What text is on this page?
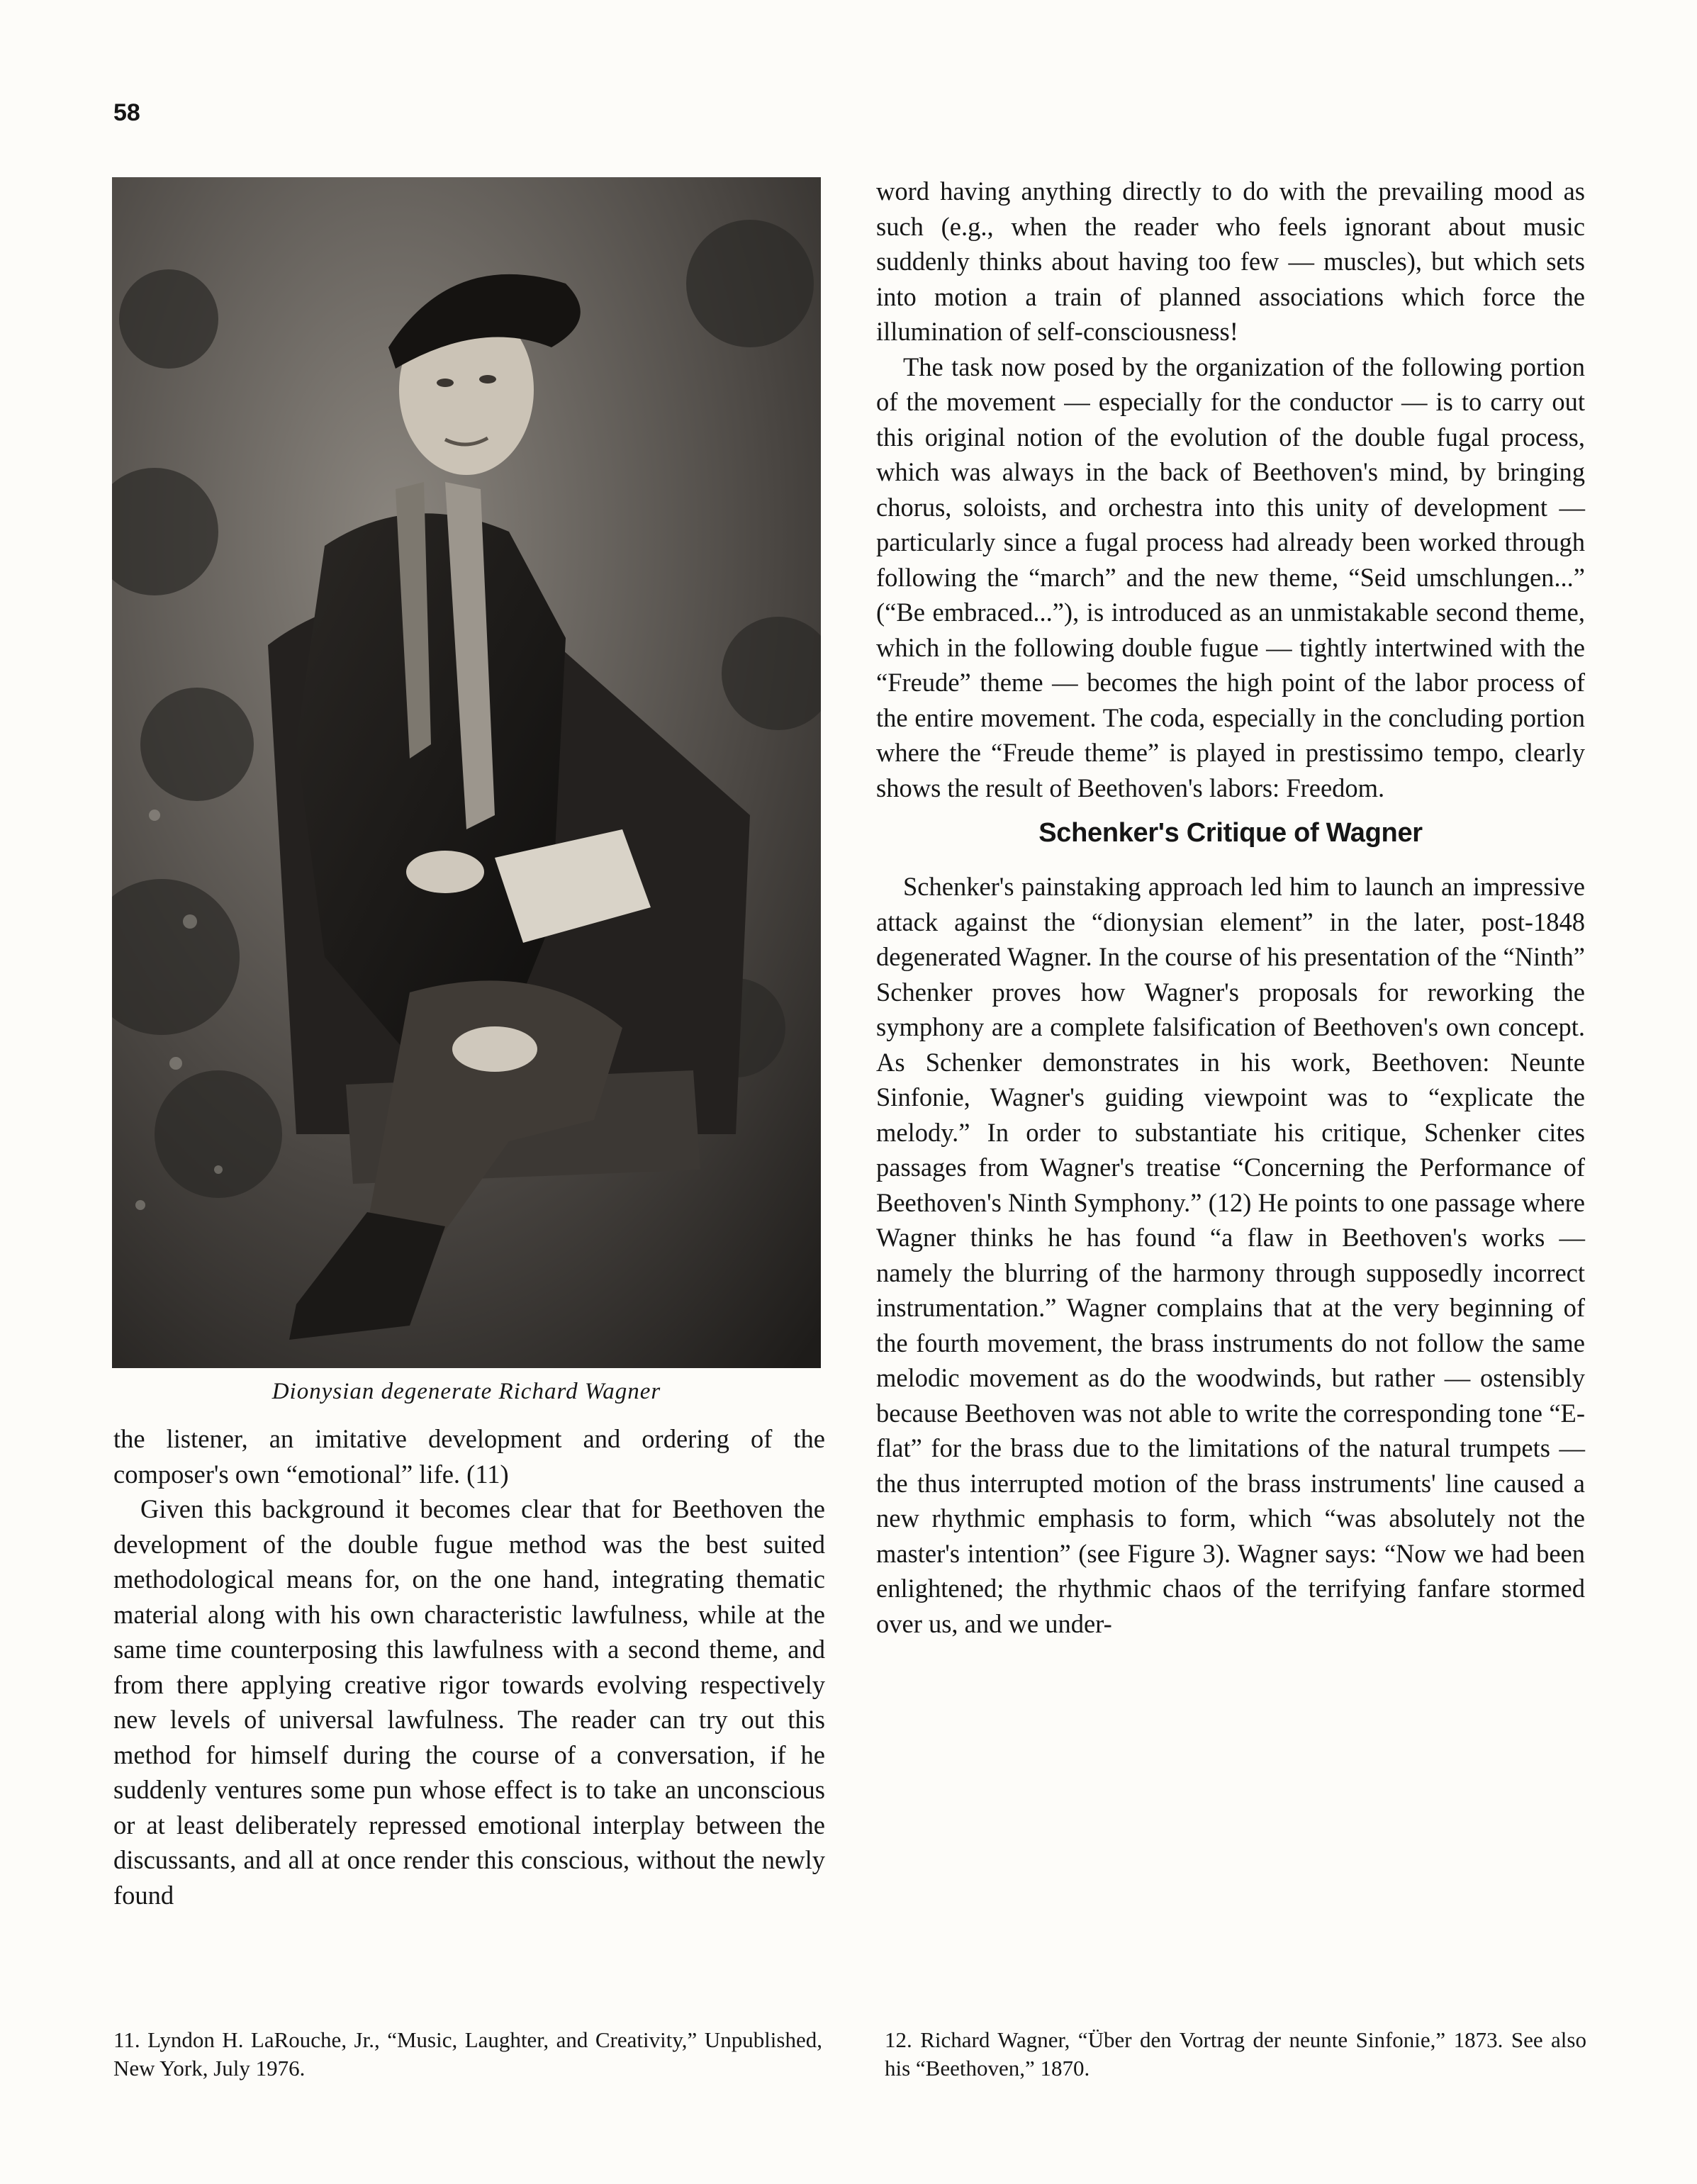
58
Dionysian degenerate Richard Wagner

the listener, an imitative development and ordering of the composer's own “emotional” life. (11)

Given this background it becomes clear that for Beethoven the development of the double fugue method was the best suited methodological means for, on the one hand, integrating thematic material along with his own characteristic lawfulness, while at the same time counterposing this lawfulness with a second theme, and from there applying creative rigor towards evolving respectively new levels of universal lawfulness. The reader can try out this method for himself during the course of a conversation, if he suddenly ventures some pun whose effect is to take an unconscious or at least deliberately repressed emotional interplay between the discussants, and all at once render this conscious, without the newly found

word having anything directly to do with the prevailing mood as such (e.g., when the reader who feels ignorant about music suddenly thinks about having too few — muscles), but which sets into motion a train of planned associations which force the illumination of self-consciousness!

The task now posed by the organization of the following portion of the movement — especially for the conductor — is to carry out this original notion of the evolution of the double fugal process, which was always in the back of Beethoven's mind, by bringing chorus, soloists, and orchestra into this unity of development — particularly since a fugal process had already been worked through following the “march” and the new theme, “Seid umschlungen...” (“Be embraced...”), is introduced as an unmistakable second theme, which in the following double fugue — tightly intertwined with the “Freude” theme — becomes the high point of the labor process of the entire movement. The coda, especially in the concluding portion where the “Freude theme” is played in prestissimo tempo, clearly shows the result of Beethoven's labors: Freedom.

Schenker's Critique of Wagner

Schenker's painstaking approach led him to launch an impressive attack against the “dionysian element” in the later, post-1848 degenerated Wagner. In the course of his presentation of the “Ninth” Schenker proves how Wagner's proposals for reworking the symphony are a complete falsification of Beethoven's own concept. As Schenker demonstrates in his work, Beethoven: Neunte Sinfonie, Wagner's guiding viewpoint was to “explicate the melody.” In order to substantiate his critique, Schenker cites passages from Wagner's treatise “Concerning the Performance of Beethoven's Ninth Symphony.” (12) He points to one passage where Wagner thinks he has found “a flaw in Beethoven's works — namely the blurring of the harmony through supposedly incorrect instrumentation.” Wagner complains that at the very beginning of the fourth movement, the brass instruments do not follow the same melodic movement as do the woodwinds, but rather — ostensibly because Beethoven was not able to write the corresponding tone “E-flat” for the brass due to the limitations of the natural trumpets — the thus interrupted motion of the brass instruments' line caused a new rhythmic emphasis to form, which “was absolutely not the master's intention” (see Figure 3). Wagner says: “Now we had been enlightened; the rhythmic chaos of the terrifying fanfare stormed over us, and we under-

11. Lyndon H. LaRouche, Jr., “Music, Laughter, and Creativity,” Unpublished, New York, July 1976.
12. Richard Wagner, “Über den Vortrag der neunte Sinfonie,” 1873. See also his “Beethoven,” 1870.
